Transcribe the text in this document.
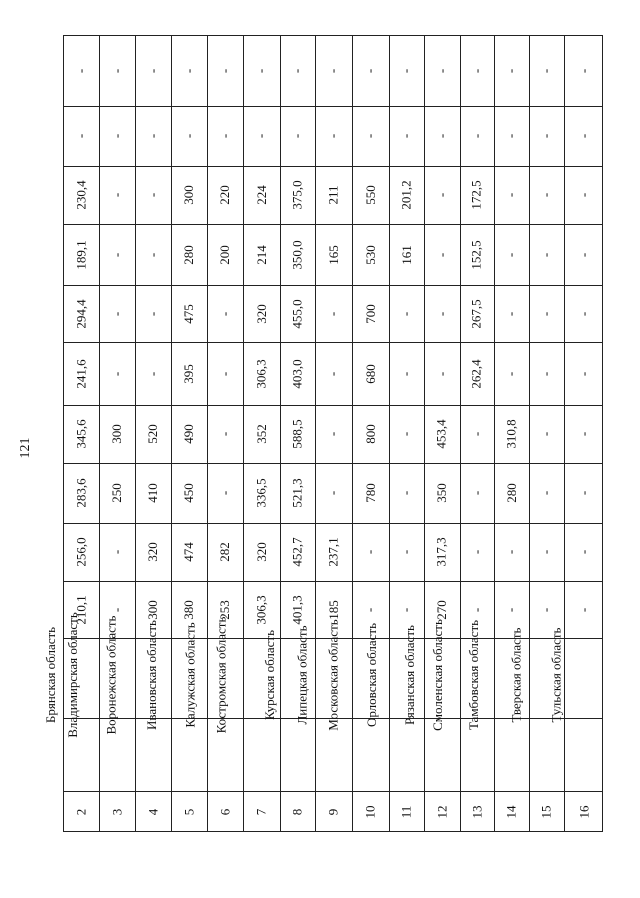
121
2
Брянская область
210,1
256,0
283,6
345,6
241,6
294,4
189,1
230,4
-
-
3
Владимирская область
-
-
250
300
-
-
-
-
-
-
4
Воронежская область
300
320
410
520
-
-
-
-
-
-
5
Ивановская область
380
474
450
490
395
475
280
300
-
-
6
Калужская область
253
282
-
-
-
-
200
220
-
-
7
Костромская область
306,3
320
336,5
352
306,3
320
214
224
-
-
8
Курская область
401,3
452,7
521,3
588,5
403,0
455,0
350,0
375,0
-
-
9
Липецкая область
185
237,1
-
-
-
-
165
211
-
-
10
Московская область
-
-
780
800
680
700
530
550
-
-
11
Орловская область
-
-
-
-
-
-
161
201,2
-
-
12
Рязанская область
270
317,3
350
453,4
-
-
-
-
-
-
13
Смоленская область
-
-
-
-
262,4
267,5
152,5
172,5
-
-
14
Тамбовская область
-
-
280
310,8
-
-
-
-
-
-
15
Тверская область
-
-
-
-
-
-
-
-
-
-
16
Тульская область
-
-
-
-
-
-
-
-
-
-
